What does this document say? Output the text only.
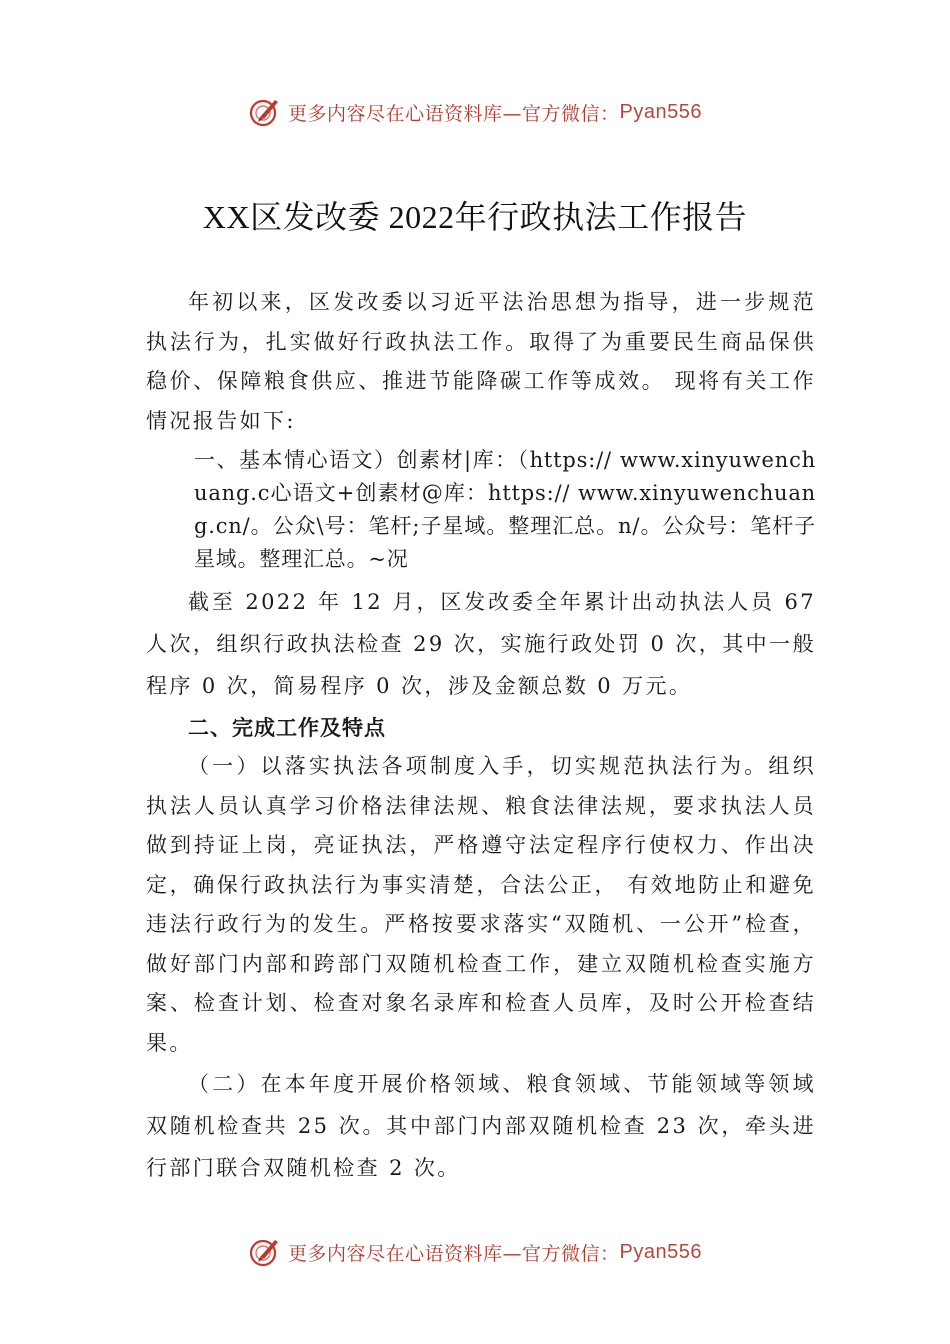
更多内容尽在心语资料库—官方微信： Pyan556
XX区发改委 2022年行政执法工作报告

年初以来，区发改委以习近平法治思想为指导，进一步规范执法行为，扎实做好行政执法工作。取得了为重要民生商品保供稳价、保障粮食供应、推进节能降碳工作等成效。 现将有关工作情况报告如下:

一、基本情心语文）创素材|库：（https:// www.xinyuwenchuang.c心语文+创素材@库：https:// www.xinyuwenchuang.cn/。公众\号：笔杆;子星域。整理汇总。n/。公众号：笔杆子星域。整理汇总。~况

截至 2022 年 12 月，区发改委全年累计出动执法人员 67 人次，组织行政执法检查 29 次，实施行政处罚 0 次，其中一般程序 0 次，简易程序 0 次，涉及金额总数 0 万元。

二、完成工作及特点

（一）以落实执法各项制度入手，切实规范执法行为。组织执法人员认真学习价格法律法规、粮食法律法规，要求执法人员做到持证上岗，亮证执法，严格遵守法定程序行使权力、作出决定，确保行政执法行为事实清楚，合法公正， 有效地防止和避免违法行政行为的发生。严格按要求落实“双随机、一公开”检查，做好部门内部和跨部门双随机检查工作，建立双随机检查实施方案、检查计划、检查对象名录库和检查人员库，及时公开检查结果。

（二）在本年度开展价格领域、粮食领域、节能领域等领域双随机检查共 25 次。其中部门内部双随机检查 23 次，牵头进行部门联合双随机检查 2 次。

更多内容尽在心语资料库—官方微信： Pyan556
